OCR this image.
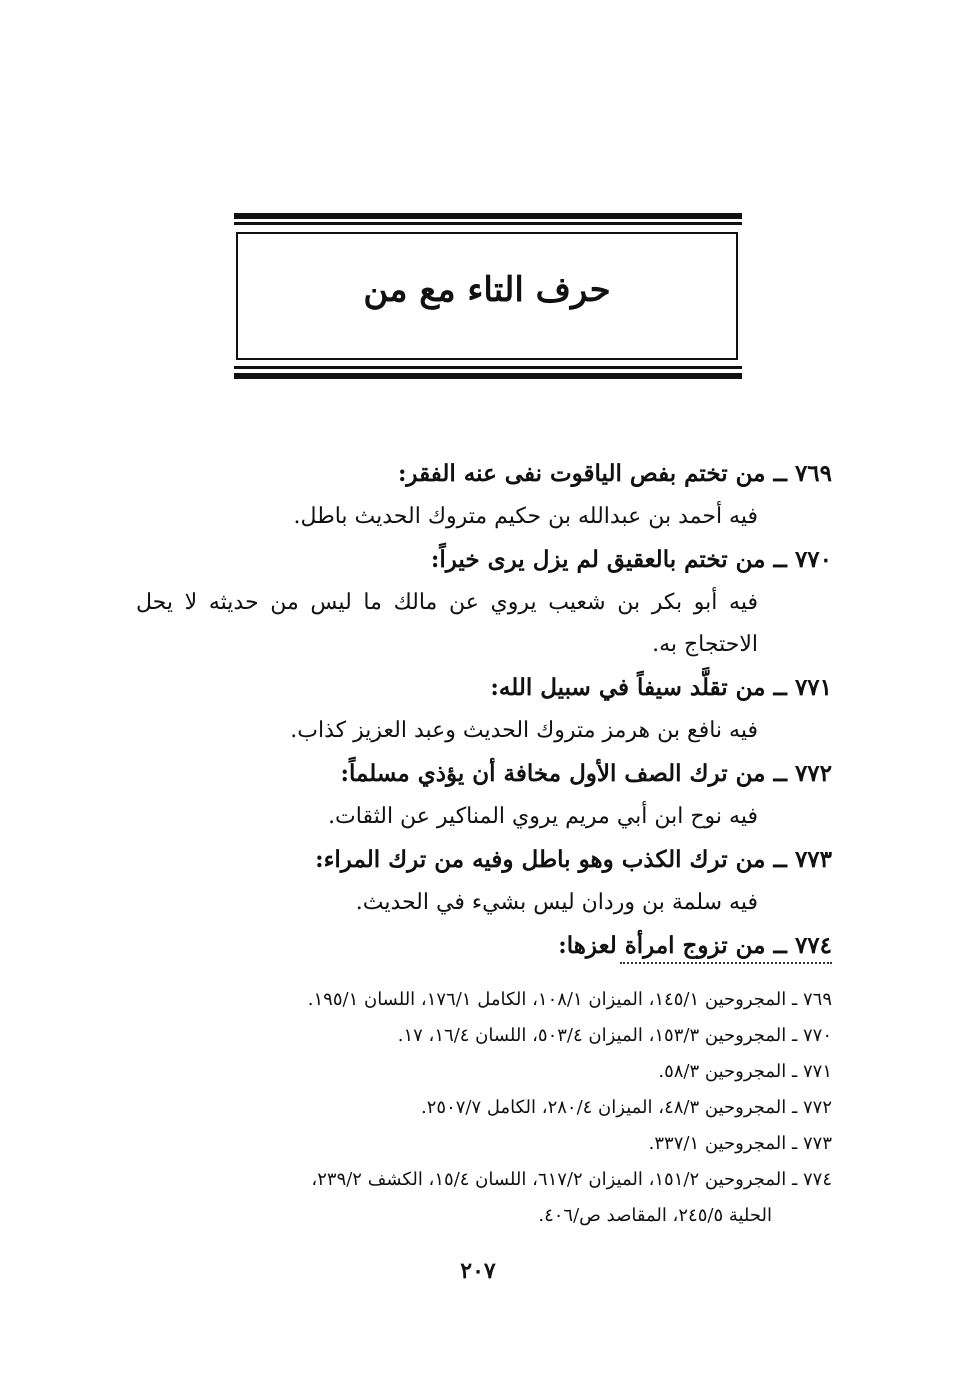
حرف التاء مع من
٧٦٩ ــ من تختم بفص الياقوت نفى عنه الفقر:
فيه أحمد بن عبدالله بن حكيم متروك الحديث باطل.
٧٧٠ ــ من تختم بالعقيق لم يزل يرى خيراً:
فيه أبو بكر بن شعيب يروي عن مالك ما ليس من حديثه لا يحل الاحتجاج به.
٧٧١ ــ من تقلَّد سيفاً في سبيل الله:
فيه نافع بن هرمز متروك الحديث وعبد العزيز كذاب.
٧٧٢ ــ من ترك الصف الأول مخافة أن يؤذي مسلماً:
فيه نوح ابن أبي مريم يروي المناكير عن الثقات.
٧٧٣ ــ من ترك الكذب وهو باطل وفيه من ترك المراء:
فيه سلمة بن وردان ليس بشيء في الحديث.
٧٧٤ ــ من تزوج امرأة لعزها:
٧٦٩ ـ المجروحين ١٤٥/١، الميزان ١٠٨/١، الكامل ١٧٦/١، اللسان ١٩٥/١.
٧٧٠ ـ المجروحين ١٥٣/٣، الميزان ٥٠٣/٤، اللسان ١٦/٤، ١٧.
٧٧١ ـ المجروحين ٥٨/٣.
٧٧٢ ـ المجروحين ٤٨/٣، الميزان ٢٨٠/٤، الكامل ٢٥٠٧/٧.
٧٧٣ ـ المجروحين ٣٣٧/١.
٧٧٤ ـ المجروحين ١٥١/٢، الميزان ٦١٧/٢، اللسان ١٥/٤، الكشف ٢٣٩/٢،
الحلية ٢٤٥/٥، المقاصد ص/٤٠٦.
٢٠٧
